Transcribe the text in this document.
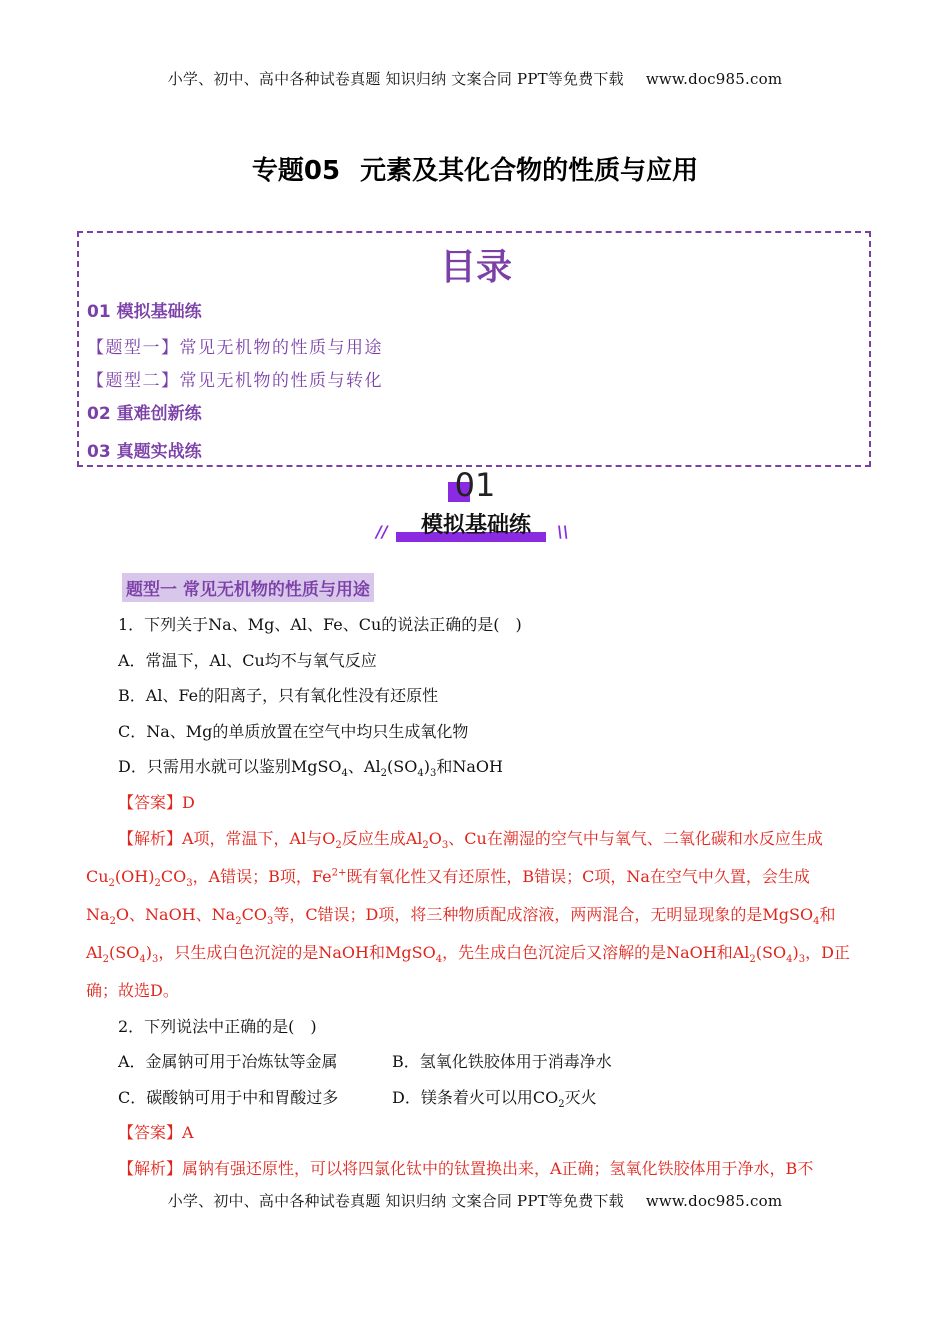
小学、初中、高中各种试卷真题 知识归纳 文案合同 PPT等免费下载 www.doc985.com
专题05 元素及其化合物的性质与应用
目录
01 模拟基础练
【题型一】常见无机物的性质与用途
【题型二】常见无机物的性质与转化
02 重难创新练
03 真题实战练
01
//	模拟基础练	\\
题型一 常见无机物的性质与用途
1．下列关于Na、Mg、Al、Fe、Cu的说法正确的是(　)
A．常温下，Al、Cu均不与氧气反应
B．Al、Fe的阳离子，只有氧化性没有还原性
C．Na、Mg的单质放置在空气中均只生成氧化物
D．只需用水就可以鉴别MgSO$_4$、$Al_2(SO_4)_3$和NaOH
【答案】D
【解析】A项，常温下，Al与$O_2$反应生成$Al_2O_3$、Cu在潮湿的空气中与氧气、二氧化碳和水反应生成
$Cu_2(OH)_2CO_3$，A错误；B项，$Fe^{2+}$既有氧化性又有还原性，B错误；C项，Na在空气中久置，会生成
$Na_2O$、NaOH、$Na_2CO_3$等，C错误；D项，将三种物质配成溶液，两两混合，无明显现象的是MgSO$_4$和
$Al_2(SO_4)_3$，只生成白色沉淀的是NaOH和MgSO$_4$，先生成白色沉淀后又溶解的是NaOH和$Al_2(SO_4)_3$，D正
确；故选D。
2．下列说法中正确的是(　)
A．金属钠可用于冶炼钛等金属	B．氢氧化铁胶体用于消毒净水
C．碳酸钠可用于中和胃酸过多	D．镁条着火可以用$CO_2$灭火
【答案】A
【解析】属钠有强还原性，可以将四氯化钛中的钛置换出来，A正确；氢氧化铁胶体用于净水，B不
小学、初中、高中各种试卷真题 知识归纳 文案合同 PPT等免费下载 www.doc985.com
